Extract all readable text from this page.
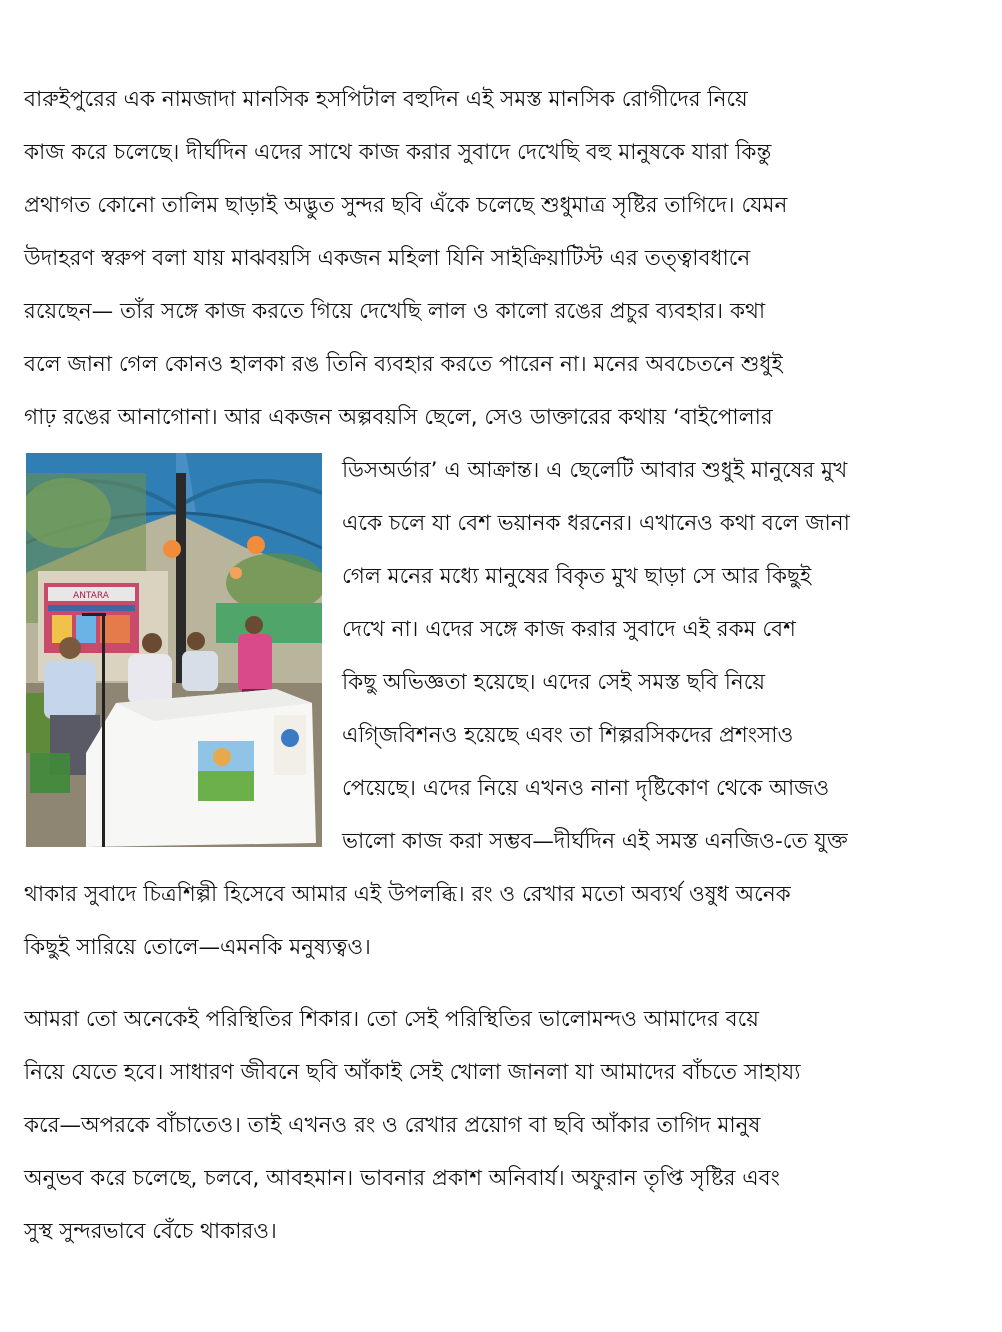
বারুইপুরের এক নামজাদা মানসিক হসপিটাল বহুদিন এই সমস্ত মানসিক রোগীদের নিয়ে
কাজ করে চলেছে। দীর্ঘদিন এদের সাথে কাজ করার সুবাদে দেখেছি বহু মানুষকে যারা কিন্তু
প্রথাগত কোনো তালিম ছাড়াই অদ্ভুত সুন্দর ছবি এঁকে চলেছে শুধুমাত্র সৃষ্টির তাগিদে। যেমন
উদাহরণ স্বরুপ বলা যায় মাঝবয়সি একজন মহিলা যিনি সাইক্রিয়াটিস্ট এর তত্ত্বাবধানে
রয়েছেন— তাঁর সঙ্গে কাজ করতে গিয়ে দেখেছি লাল ও কালো রঙের প্রচুর ব্যবহার। কথা
বলে জানা গেল কোনও হালকা রঙ তিনি ব্যবহার করতে পারেন না। মনের অবচেতনে শুধুই
গাঢ় রঙের আনাগোনা। আর একজন অল্পবয়সি ছেলে, সেও ডাক্তারের কথায় ‘বাইপোলার
ডিসঅর্ডার’ এ আক্রান্ত। এ ছেলেটি আবার শুধুই মানুষের মুখ
একে চলে যা বেশ ভয়ানক ধরনের। এখানেও কথা বলে জানা
গেল মনের মধ্যে মানুষের বিকৃত মুখ ছাড়া সে আর কিছুই
দেখে না। এদের সঙ্গে কাজ করার সুবাদে এই রকম বেশ
কিছু অভিজ্ঞতা হয়েছে। এদের সেই সমস্ত ছবি নিয়ে
এগ্জিবিশনও হয়েছে এবং তা শিল্পরসিকদের প্রশংসাও
পেয়েছে। এদের নিয়ে এখনও নানা দৃষ্টিকোণ থেকে আজও
ভালো কাজ করা সম্ভব—দীর্ঘদিন এই সমস্ত এনজিও-তে যুক্ত
থাকার সুবাদে চিত্রশিল্পী হিসেবে আমার এই উপলব্ধি। রং ও রেখার মতো অব্যর্থ ওষুধ অনেক
কিছুই সারিয়ে তোলে—এমনকি মনুষ্যত্বও।
আমরা তো অনেকেই পরিস্থিতির শিকার। তো সেই পরিস্থিতির ভালোমন্দও আমাদের বয়ে
নিয়ে যেতে হবে। সাধারণ জীবনে ছবি আঁকাই সেই খোলা জানলা যা আমাদের বাঁচতে সাহায্য
করে—অপরকে বাঁচাতেও। তাই এখনও রং ও রেখার প্রয়োগ বা ছবি আঁকার তাগিদ মানুষ
অনুভব করে চলেছে, চলবে, আবহমান। ভাবনার প্রকাশ অনিবার্য। অফুরান তৃপ্তি সৃষ্টির এবং
সুস্থ সুন্দরভাবে বেঁচে থাকারও।
ANTARA
